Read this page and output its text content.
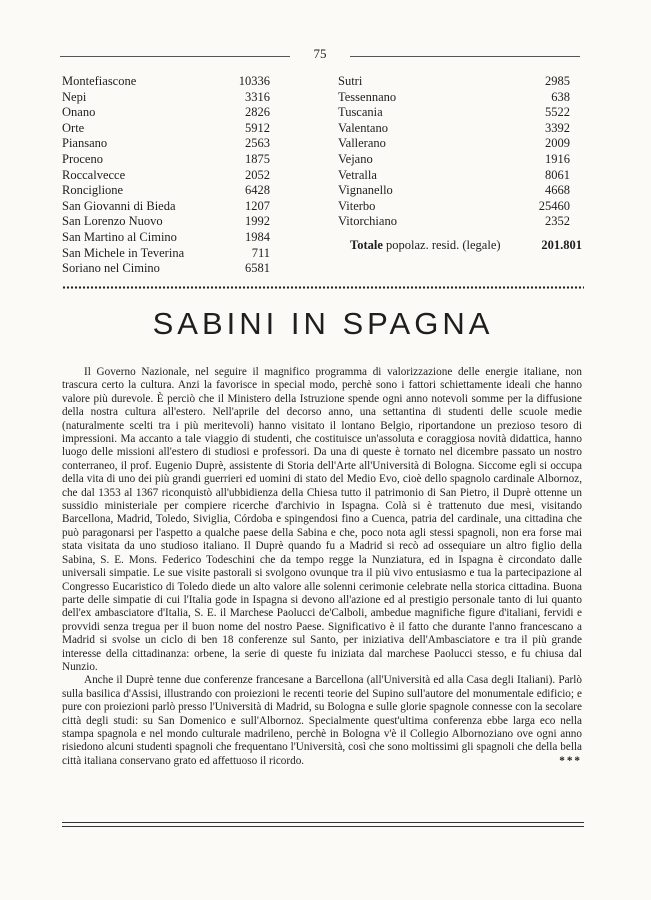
75
Montefiascone	10336
Nepi	3316
Onano	2826
Orte	5912
Piansano	2563
Proceno	1875
Roccalvecce	2052
Ronciglione	6428
San Giovanni di Bieda	1207
San Lorenzo Nuovo	1992
San Martino al Cimino	1984
San Michele in Teverina	711
Soriano nel Cimino	6581
Sutri	2985
Tessennano	638
Tuscania	5522
Valentano	3392
Vallerano	2009
Vejano	1916
Vetralla	8061
Vignanello	4668
Viterbo	25460
Vitorchiano	2352
Totale popolaz. resid. (legale)	201.801
SABINI IN SPAGNA

Il Governo Nazionale, nel seguire il magnifico programma di valorizzazione delle energie italiane, non trascura certo la cultura. Anzi la favorisce in special modo, perchè sono i fattori schiettamente ideali che hanno valore più durevole. È perciò che il Ministero della Istruzione spende ogni anno notevoli somme per la diffusione della nostra cultura all'estero. Nell'aprile del decorso anno, una settantina di studenti delle scuole medie (naturalmente scelti tra i più meritevoli) hanno visitato il lontano Belgio, riportandone un prezioso tesoro di impressioni. Ma accanto a tale viaggio di studenti, che costituisce un'assoluta e coraggiosa novità didattica, hanno luogo delle missioni all'estero di studiosi e professori. Da una di queste è tornato nel dicembre passato un nostro conterraneo, il prof. Eugenio Duprè, assistente di Storia dell'Arte all'Università di Bologna. Siccome egli si occupa della vita di uno dei più grandi guerrieri ed uomini di stato del Medio Evo, cioè dello spagnolo cardinale Albornoz, che dal 1353 al 1367 riconquistò all'ubbidienza della Chiesa tutto il patrimonio di San Pietro, il Duprè ottenne un sussidio ministeriale per compiere ricerche d'archivio in Ispagna. Colà si è trattenuto due mesi, visitando Barcellona, Madrid, Toledo, Siviglia, Córdoba e spingendosi fino a Cuenca, patria del cardinale, una cittadina che può paragonarsi per l'aspetto a qualche paese della Sabina e che, poco nota agli stessi spagnoli, non era forse mai stata visitata da uno studioso italiano. Il Duprè quando fu a Madrid si recò ad ossequiare un altro figlio della Sabina, S. E. Mons. Federico Todeschini che da tempo regge la Nunziatura, ed in Ispagna è circondato dalle universali simpatie. Le sue visite pastorali si svolgono ovunque tra il più vivo entusiasmo e tua la partecipazione al Congresso Eucaristico di Toledo diede un alto valore alle solenni cerimonie celebrate nella storica cittadina. Buona parte delle simpatie di cui l'Italia gode in Ispagna si devono all'azione ed al prestigio personale tanto di lui quanto dell'ex ambasciatore d'Italia, S. E. il Marchese Paolucci de'Calboli, ambedue magnifiche figure d'italiani, fervidi e provvidi senza tregua per il buon nome del nostro Paese. Significativo è il fatto che durante l'anno francescano a Madrid si svolse un ciclo di ben 18 conferenze sul Santo, per iniziativa dell'Ambasciatore e tra il più grande interesse della cittadinanza: orbene, la serie di queste fu iniziata dal marchese Paolucci stesso, e fu chiusa dal Nunzio.

Anche il Duprè tenne due conferenze francesane a Barcellona (all'Università ed alla Casa degli Italiani). Parlò sulla basilica d'Assisi, illustrando con proiezioni le recenti teorie del Supino sull'autore del monumentale edificio; e pure con proiezioni parlò presso l'Università di Madrid, su Bologna e sulle glorie spagnole connesse con la secolare città degli studi: su San Domenico e sull'Albornoz. Specialmente quest'ultima conferenza ebbe larga eco nella stampa spagnola e nel mondo culturale madrileno, perchè in Bologna v'è il Collegio Albornoziano ove ogni anno risiedono alcuni studenti spagnoli che frequentano l'Università, così che sono moltissimi gli spagnoli che della bella città italiana conservano grato ed affettuoso il ricordo.	***
